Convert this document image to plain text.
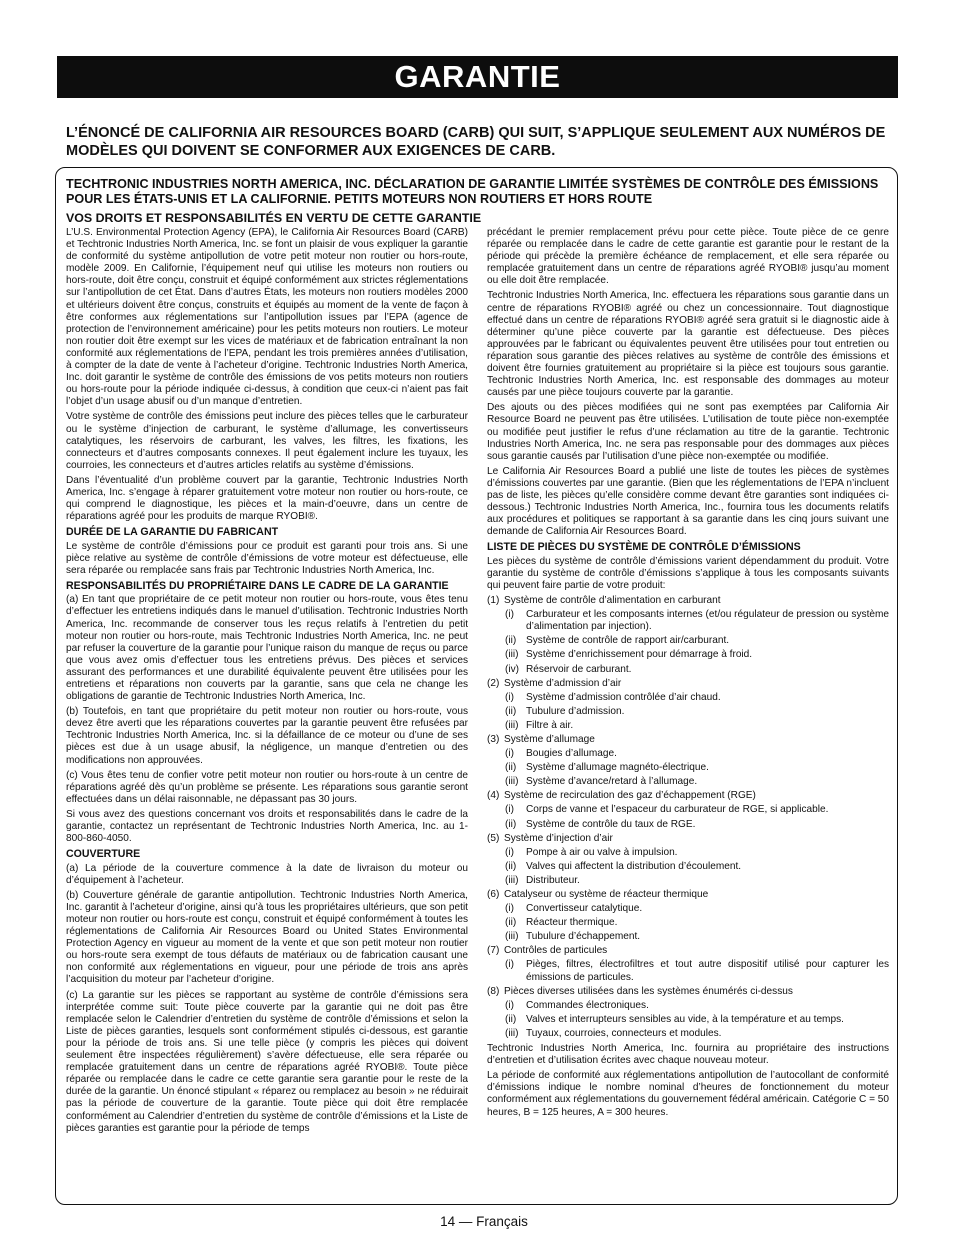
GARANTIE
L’ÉNONCÉ DE CALIFORNIA AIR RESOURCES BOARD (CARB) QUI SUIT, S’APPLIQUE SEULEMENT AUX NUMÉROS DE MODÈLES QUI DOIVENT SE CONFORMER AUX EXIGENCES DE CARB.
TECHTRONIC INDUSTRIES NORTH AMERICA, INC. DÉCLARATION DE GARANTIE LIMITÉE SYSTÈMES DE CONTRÔLE DES ÉMISSIONS POUR LES ÉTATS-UNIS ET LA CALIFORNIE. PETITS MOTEURS NON ROUTIERS ET HORS ROUTE
VOS DROITS ET RESPONSABILITÉS EN VERTU DE CETTE GARANTIE

L’U.S. Environmental Protection Agency (EPA), le California Air Resources Board (CARB) et Techtronic Industries North America, Inc. se font un plaisir de vous expliquer la garantie de conformité du système antipollution de votre petit moteur non routier ou hors-route, modèle 2009. En Californie, l’équipement neuf qui utilise les moteurs non routiers ou hors-route, doit être conçu, construit et équipé conformément aux strictes réglementations sur l’antipollution de cet État. Dans d’autres États, les moteurs non routiers modèles 2000 et ultérieurs doivent être conçus, construits et équipés au moment de la vente de façon à être conformes aux réglementations sur l’antipollution issues par l’EPA (agence de protection de l’environnement américaine) pour les petits moteurs non routiers. Le moteur non routier doit être exempt sur les vices de matériaux et de fabrication entraînant la non conformité aux réglementations de l’EPA, pendant les trois premières années d’utilisation, à compter de la date de vente à l’acheteur d’origine. Techtronic Industries North America, Inc. doit garantir le système de contrôle des émissions de vos petits moteurs non routiers ou hors-route pour la période indiquée ci-dessus, à condition que ceux-ci n’aient pas fait l’objet d’un usage abusif ou d’un manque d’entretien.

Votre système de contrôle des émissions peut inclure des pièces telles que le carburateur ou le système d’injection de carburant, le système d’allumage, les convertisseurs catalytiques, les réservoirs de carburant, les valves, les filtres, les fixations, les connecteurs et d’autres composants connexes. Il peut également inclure les tuyaux, les courroies, les connecteurs et d’autres articles relatifs au système d’émissions.

Dans l’éventualité d’un problème couvert par la garantie, Techtronic Industries North America, Inc. s’engage à réparer gratuitement votre moteur non routier ou hors-route, ce qui comprend le diagnostique, les pièces et la main-d’oeuvre, dans un centre de réparations agréé pour les produits de marque RYOBI®.

DURÉE DE LA GARANTIE DU FABRICANT

Le système de contrôle d’émissions pour ce produit est garanti pour trois ans. Si une pièce relative au système de contrôle d’émissions de votre moteur est défectueuse, elle sera réparée ou remplacée sans frais par Techtronic Industries North America, Inc.

RESPONSABILITÉS DU PROPRIÉTAIRE DANS LE CADRE DE LA GARANTIE

(a) En tant que propriétaire de ce petit moteur non routier ou hors-route, vous êtes tenu d’effectuer les entretiens indiqués dans le manuel d’utilisation. Techtronic Industries North America, Inc. recommande de conserver tous les reçus relatifs à l’entretien du petit moteur non routier ou hors-route, mais Techtronic Industries North America, Inc. ne peut par refuser la couverture de la garantie pour l’unique raison du manque de reçus ou parce que vous avez omis d’effectuer tous les entretiens prévus. Des pièces et services assurant des performances et une durabilité équivalente peuvent être utilisées pour les entretiens et réparations non couverts par la garantie, sans que cela ne change les obligations de garantie de Techtronic Industries North America, Inc.

(b) Toutefois, en tant que propriétaire du petit moteur non routier ou hors-route, vous devez être averti que les réparations couvertes par la garantie peuvent être refusées par Techtronic Industries North America, Inc. si la défaillance de ce moteur ou d’une de ses pièces est due à un usage abusif, la négligence, un manque d’entretien ou des modifications non approuvées.

(c) Vous êtes tenu de confier votre petit moteur non routier ou hors-route à un centre de réparations agréé dès qu’un problème se présente. Les réparations sous garantie seront effectuées dans un délai raisonnable, ne dépassant pas 30 jours.

Si vous avez des questions concernant vos droits et responsabilités dans le cadre de la garantie, contactez un représentant de Techtronic Industries North America, Inc. au 1-800-860-4050.

COUVERTURE

(a) La période de la couverture commence à la date de livraison du moteur ou d’équipement à l’acheteur.

(b) Couverture générale de garantie antipollution. Techtronic Industries North America, Inc. garantit à l’acheteur d’origine, ainsi qu’à tous les propriétaires ultérieurs, que son petit moteur non routier ou hors-route est conçu, construit et équipé conformément à toutes les réglementations de California Air Resources Board ou United States Environmental Protection Agency en vigueur au moment de la vente et que son petit moteur non routier ou hors-route sera exempt de tous défauts de matériaux ou de fabrication causant une non conformité aux réglementations en vigueur, pour une période de trois ans après l’acquisition du moteur par l’acheteur d’origine.

(c) La garantie sur les pièces se rapportant au système de contrôle d’émissions sera interprétée comme suit: Toute pièce couverte par la garantie qui ne doit pas être remplacée selon le Calendrier d’entretien du système de contrôle d’émissions et selon la Liste de pièces garanties, lesquels sont conformément stipulés ci-dessous, est garantie pour la période de trois ans. Si une telle pièce (y compris les pièces qui doivent seulement être inspectées régulièrement) s’avère défectueuse, elle sera réparée ou remplacée gratuitement dans un centre de réparations agréé RYOBI®. Toute pièce réparée ou remplacée dans le cadre ce cette garantie sera garantie pour le reste de la durée de la garantie. Un énoncé stipulant « réparez ou remplacez au besoin » ne réduirait pas la période de couverture de la garantie. Toute pièce qui doit être remplacée conformément au Calendrier d’entretien du système de contrôle d’émissions et la Liste de pièces garanties est garantie pour la période de temps

précédant le premier remplacement prévu pour cette pièce. Toute pièce de ce genre réparée ou remplacée dans le cadre de cette garantie est garantie pour le restant de la période qui précède la première échéance de remplacement, et elle sera réparée ou remplacée gratuitement dans un centre de réparations agréé RYOBI® jusqu’au moment ou elle doit être remplacée.

Techtronic Industries North America, Inc. effectuera les réparations sous garantie dans un centre de réparations RYOBI® agréé ou chez un concessionnaire. Tout diagnostique effectué dans un centre de réparations RYOBI® agréé sera gratuit si le diagnostic aide à déterminer qu’une pièce couverte par la garantie est défectueuse. Des pièces approuvées par le fabricant ou équivalentes peuvent être utilisées pour tout entretien ou réparation sous garantie des pièces relatives au système de contrôle des émissions et doivent être fournies gratuitement au propriétaire si la pièce est toujours sous garantie. Techtronic Industries North America, Inc. est responsable des dommages au moteur causés par une pièce toujours couverte par la garantie.

Des ajouts ou des pièces modifiées qui ne sont pas exemptées par California Air Resource Board ne peuvent pas être utilisées. L’utilisation de toute pièce non-exemptée ou modifiée peut justifier le refus d’une réclamation au titre de la garantie. Techtronic Industries North America, Inc. ne sera pas responsable pour des dommages aux pièces sous garantie causés par l’utilisation d’une pièce non-exemptée ou modifiée.

Le California Air Resources Board a publié une liste de toutes les pièces de systèmes d’émissions couvertes par une garantie. (Bien que les réglementations de l’EPA n’incluent pas de liste, les pièces qu’elle considère comme devant être garanties sont indiquées ci-dessous.) Techtronic Industries North America, Inc., fournira tous les documents relatifs aux procédures et politiques se rapportant à sa garantie dans les cinq jours suivant une demande de California Air Resources Board.

LISTE DE PIÈCES DU SYSTÈME DE CONTRÔLE D’ÉMISSIONS

Les pièces du système de contrôle d’émissions varient dépendamment du produit. Votre garantie du système de contrôle d’émissions s’applique à tous les composants suivants qui peuvent faire partie de votre produit:

(1) Système de contrôle d’alimentation en carburant
(i)	Carburateur et les composants internes (et/ou régulateur de pression ou système d’alimentation par injection).
(ii) Système de contrôle de rapport air/carburant.
(iii) Système d’enrichissement pour démarrage à froid.
(iv) Réservoir de carburant.
(2) Système d’admission d’air
(i)	Système d’admission contrôlée d’air chaud.
(ii) Tubulure d’admission.
(iii) Filtre à air.
(3) Système d’allumage
(i)	Bougies d’allumage.
(ii) Système d’allumage magnéto-électrique.
(iii) Système d’avance/retard à l’allumage.
(4) Système de recirculation des gaz d’échappement (RGE)
(i)	Corps de vanne et l’espaceur du carburateur de RGE, si applicable.
(ii) Système de contrôle du taux de RGE.
(5) Système d’injection d’air
(i)	Pompe à air ou valve à impulsion.
(ii) Valves qui affectent la distribution d’écoulement.
(iii) Distributeur.
(6) Catalyseur ou système de réacteur thermique
(i)	Convertisseur catalytique.
(ii) Réacteur thermique.
(iii) Tubulure d’échappement.
(7) Contrôles de particules
(i)	Pièges, filtres, électrofiltres et tout autre dispositif utilisé pour capturer les émissions de particules.
(8) Pièces diverses utilisées dans les systèmes énumérés ci-dessus
(i)	Commandes électroniques.
(ii) Valves et interrupteurs sensibles au vide, à la température et au temps.
(iii) Tuyaux, courroies, connecteurs et modules.

Techtronic Industries North America, Inc. fournira au propriétaire des instructions d’entretien et d’utilisation écrites avec chaque nouveau moteur.

La période de conformité aux réglementations antipollution de l’autocollant de conformité d’émissions indique le nombre nominal d’heures de fonctionnement du moteur conformément aux réglementations du gouvernement fédéral américain. Catégorie C = 50 heures, B = 125 heures, A = 300 heures.

14 — Français
